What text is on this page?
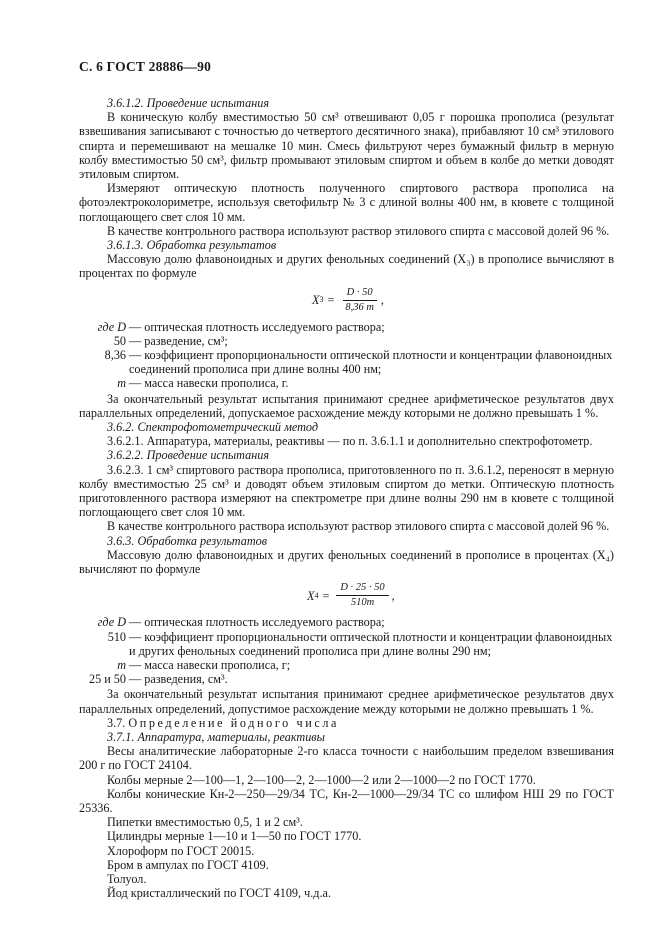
С. 6 ГОСТ 28886—90

3.6.1.2. Проведение испытания

В коническую колбу вместимостью 50 см³ отвешивают 0,05 г порошка прополиса (результат взвешивания записывают с точностью до четвертого десятичного знака), прибавляют 10 см³ этилового спирта и перемешивают на мешалке 10 мин. Смесь фильтруют через бумажный фильтр в мерную колбу вместимостью 50 см³, фильтр промывают этиловым спиртом и объем в колбе до метки доводят этиловым спиртом.

Измеряют оптическую плотность полученного спиртового раствора прополиса на фотоэлектроколориметре, используя светофильтр № 3 с длиной волны 400 нм, в кювете с толщиной поглощающего свет слоя 10 мм.

В качестве контрольного раствора используют раствор этилового спирта с массовой долей 96 %.

3.6.1.3. Обработка результатов

Массовую долю флавоноидных и других фенольных соединений (X₃) в прополисе вычисляют в процентах по формуле

X $3 = \frac{D \cdot 50}{8,36 m}$ ,
где D — оптическая плотность исследуемого раствора;
50 — разведение, см³;
8,36 — коэффициент пропорциональности оптической плотности и концентрации флавоноидных соединений прополиса при длине волны 400 нм;
m — масса навески прополиса, г.

За окончательный результат испытания принимают среднее арифметическое результатов двух параллельных определений, допускаемое расхождение между которыми не должно превышать 1 %.

3.6.2. Спектрофотометрический метод

3.6.2.1. Аппаратура, материалы, реактивы — по п. 3.6.1.1 и дополнительно спектрофотометр.

3.6.2.2. Проведение испытания

3.6.2.3. 1 см³ спиртового раствора прополиса, приготовленного по п. 3.6.1.2, переносят в мерную колбу вместимостью 25 см³ и доводят объем этиловым спиртом до метки. Оптическую плотность приготовленного раствора измеряют на спектрометре при длине волны 290 нм в кювете с толщиной поглощающего свет слоя 10 мм.

В качестве контрольного раствора используют раствор этилового спирта с массовой долей 96 %.

3.6.3. Обработка результатов

Массовую долю флавоноидных и других фенольных соединений в прополисе в процентах (X₄) вычисляют по формуле

X $4 = \frac{D \cdot 25 \cdot 50}{510m}$ ,
где D — оптическая плотность исследуемого раствора;
510 — коэффициент пропорциональности оптической плотности и концентрации флавоноидных и других фенольных соединений прополиса при длине волны 290 нм;
m — масса навески прополиса, г;
25 и 50 — разведения, см³.

За окончательный результат испытания принимают среднее арифметическое результатов двух параллельных определений, допустимое расхождение между которыми не должно превышать 1 %.

3.7. Определение йодного числа

3.7.1. Аппаратура, материалы, реактивы

Весы аналитические лабораторные 2-го класса точности с наибольшим пределом взвешивания 200 г по ГОСТ 24104.

Колбы мерные 2—100—1, 2—100—2, 2—1000—2 или 2—1000—2 по ГОСТ 1770.

Колбы конические Кн-2—250—29/34 ТС, Кн-2—1000—29/34 ТС со шлифом НШ 29 по ГОСТ 25336.

Пипетки вместимостью 0,5, 1 и 2 см³.

Цилиндры мерные 1—10 и 1—50 по ГОСТ 1770.

Хлороформ по ГОСТ 20015.

Бром в ампулах по ГОСТ 4109.

Толуол.

Йод кристаллический по ГОСТ 4109, ч.д.а.
